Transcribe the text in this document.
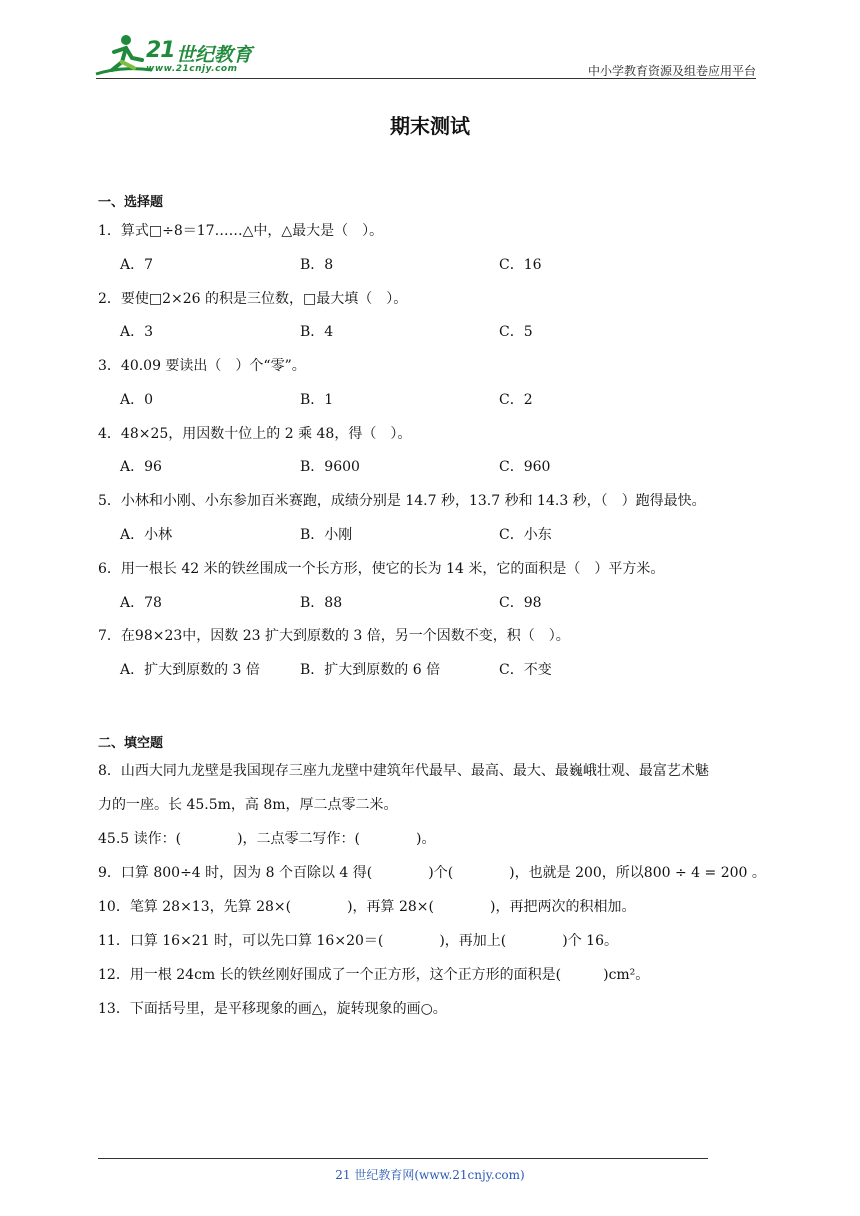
21 世纪教育
www.21cnjy.com	中小学教育资源及组卷应用平台
期末测试
一、选择题
1．算式□÷8＝17……△中，△最大是（　）。
A．7	B．8	C．16
2．要使□2×26 的积是三位数，□最大填（　）。
A．3	B．4	C．5
3．40.09 要读出（　）个“零”。
A．0	B．1	C．2
4．48×25，用因数十位上的 2 乘 48，得（　）。
A．96	B．9600	C．960
5．小林和小刚、小东参加百米赛跑，成绩分别是 14.7 秒，13.7 秒和 14.3 秒，（　）跑得最快。
A．小林	B．小刚	C．小东
6．用一根长 42 米的铁丝围成一个长方形，使它的长为 14 米，它的面积是（　）平方米。
A．78	B．88	C．98
7．在98×23中，因数 23 扩大到原数的 3 倍，另一个因数不变，积（　）。
A．扩大到原数的 3 倍	B．扩大到原数的 6 倍	C．不变
二、填空题
8．山西大同九龙壁是我国现存三座九龙壁中建筑年代最早、最高、最大、最巍峨壮观、最富艺术魅
力的一座。长 45.5m，高 8m，厚二点零二米。
45.5 读作：(　　　　)，二点零二写作：(　　　　)。
9．口算 800÷4 时，因为 8 个百除以 4 得(　　　　)个(　　　　)，也就是 200，所以800 ÷ 4 = 200 。
10．笔算 28×13，先算 28×(　　　　)，再算 28×(　　　　)，再把两次的积相加。
11．口算 16×21 时，可以先口算 16×20＝(　　　　)，再加上(　　　　)个 16。
12．用一根 24cm 长的铁丝刚好围成了一个正方形，这个正方形的面积是(　　　)cm²。
13．下面括号里，是平移现象的画△，旋转现象的画○。
21 世纪教育网(www.21cnjy.com)
